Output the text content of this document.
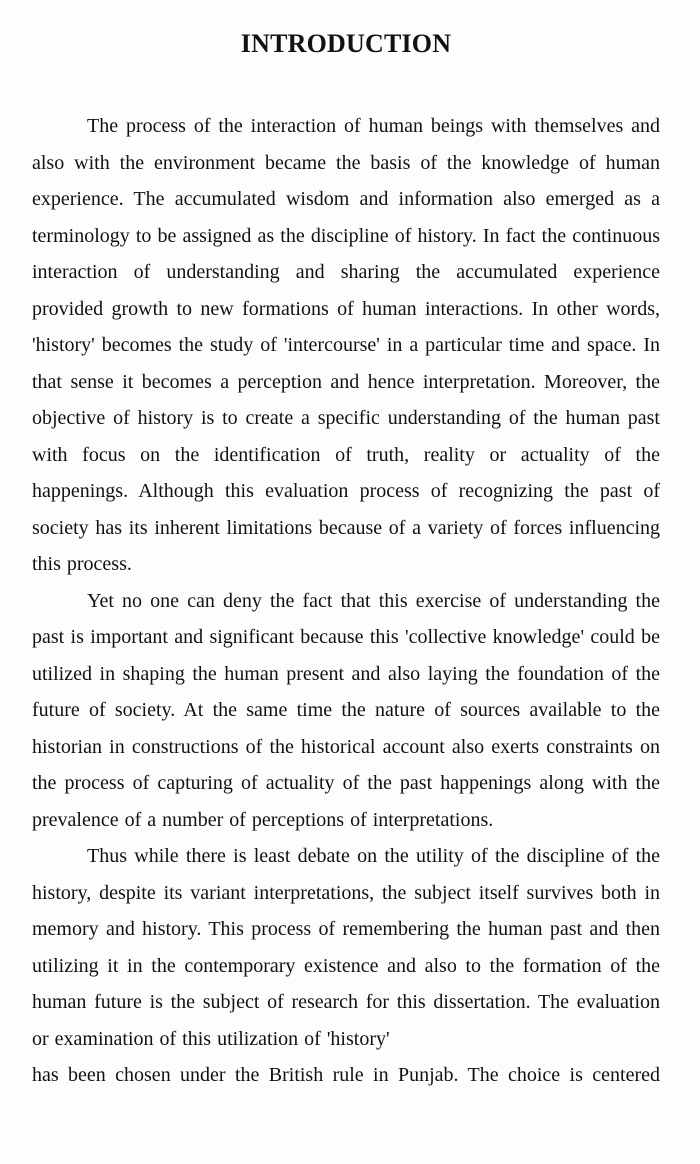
INTRODUCTION

The process of the interaction of human beings with themselves and also with the environment became the basis of the knowledge of human experience. The accumulated wisdom and information also emerged as a terminology to be assigned as the discipline of history. In fact the continuous interaction of understanding and sharing the accumulated experience provided growth to new formations of human interactions. In other words, 'history' becomes the study of 'intercourse' in a particular time and space. In that sense it becomes a perception and hence interpretation. Moreover, the objective of history is to create a specific understanding of the human past with focus on the identification of truth, reality or actuality of the happenings. Although this evaluation process of recognizing the past of society has its inherent limitations because of a variety of forces influencing this process.

Yet no one can deny the fact that this exercise of understanding the past is important and significant because this 'collective knowledge' could be utilized in shaping the human present and also laying the foundation of the future of society. At the same time the nature of sources available to the historian in constructions of the historical account also exerts constraints on the process of capturing of actuality of the past happenings along with the prevalence of a number of perceptions of interpretations.

Thus while there is least debate on the utility of the discipline of the history, despite its variant interpretations, the subject itself survives both in memory and history. This process of remembering the human past and then utilizing it in the contemporary existence and also to the formation of the human future is the subject of research for this dissertation. The evaluation or examination of this utilization of 'history'

has been chosen under the British rule in Punjab. The choice is centered
